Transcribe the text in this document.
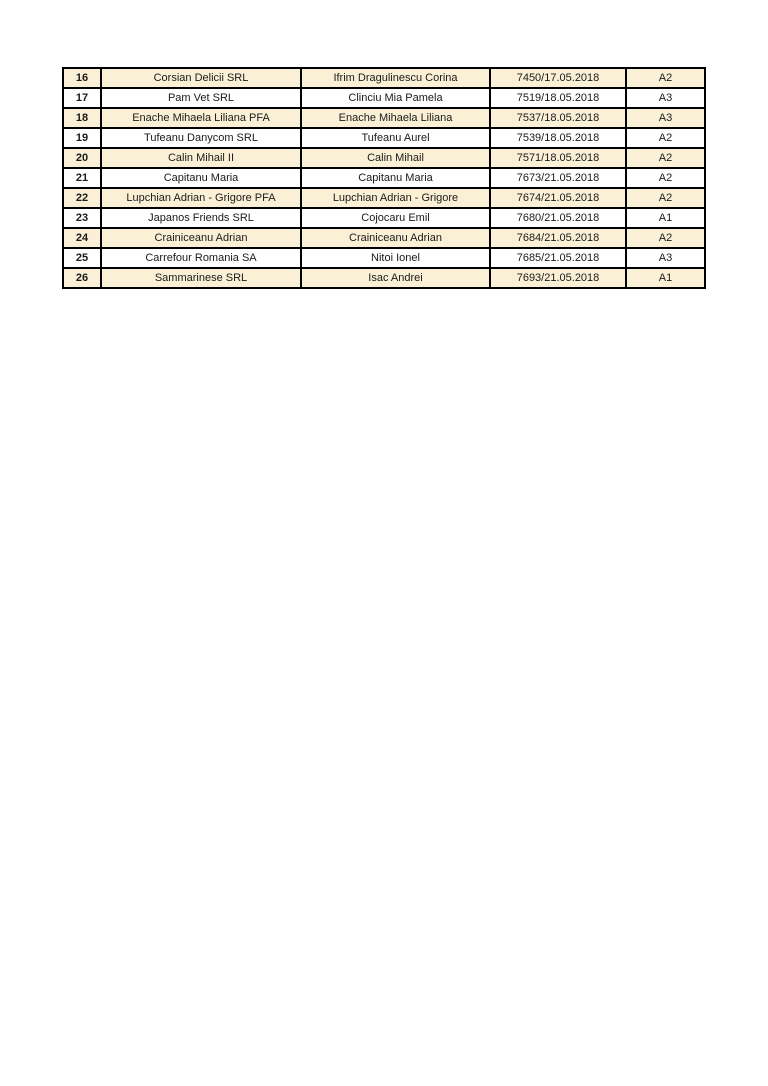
16	Corsian Delicii SRL	Ifrim Dragulinescu Corina	7450/17.05.2018	A2
17	Pam Vet SRL	Clinciu Mia Pamela	7519/18.05.2018	A3
18	Enache Mihaela Liliana PFA	Enache Mihaela Liliana	7537/18.05.2018	A3
19	Tufeanu Danycom SRL	Tufeanu Aurel	7539/18.05.2018	A2
20	Calin Mihail II	Calin Mihail	7571/18.05.2018	A2
21	Capitanu Maria	Capitanu Maria	7673/21.05.2018	A2
22	Lupchian Adrian - Grigore PFA	Lupchian Adrian - Grigore	7674/21.05.2018	A2
23	Japanos Friends SRL	Cojocaru Emil	7680/21.05.2018	A1
24	Crainiceanu Adrian	Crainiceanu Adrian	7684/21.05.2018	A2
25	Carrefour Romania SA	Nitoi Ionel	7685/21.05.2018	A3
26	Sammarinese SRL	Isac Andrei	7693/21.05.2018	A1
